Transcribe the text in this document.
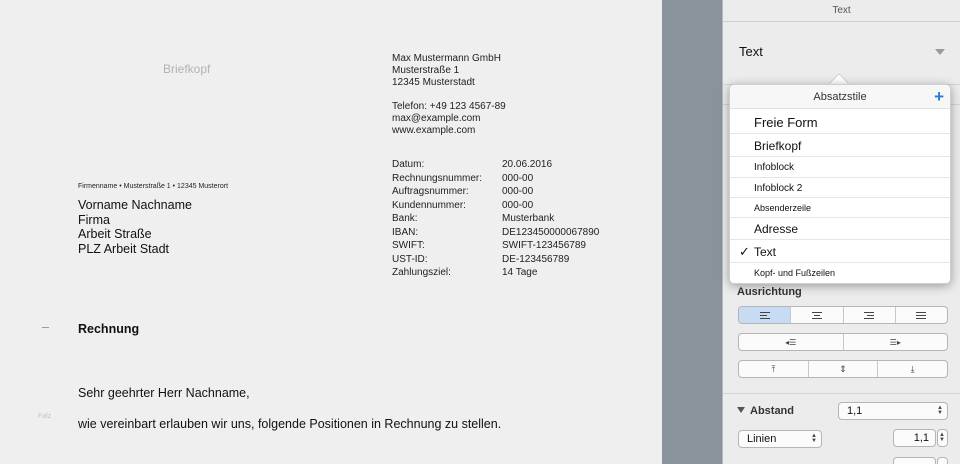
Briefkopf
Max Mustermann GmbH
Musterstraße 1
12345 Musterstadt
Telefon: +49 123 4567-89
max@example.com
www.example.com
Datum:	20.06.2016
Rechnungsnummer: 000-00
Auftragsnummer:	000-00
Kundennummer:	000-00
Bank:	Musterbank
IBAN:	DE123450000067890
SWIFT:	SWIFT-123456789
UST-ID:	DE-123456789
Zahlungsziel:	14 Tage
Firmenname • Musterstraße 1 • 12345 Musterort
Vorname Nachname
Firma
Arbeit Straße
PLZ Arbeit Stadt
Rechnung
Sehr geehrter Herr Nachname,
Falz
wie vereinbart erlauben wir uns, folgende Positionen in Rechnung zu stellen.
Text
Text
Ausrichtung
◂☰	☰▸
⤒	⇕	⤓
Abstand	1,1	▲
▼
Linien	▲
▼	1,1 ▲
▼
Absatzstile	+
Freie Form
Briefkopf
Infoblock
Infoblock 2
Absenderzeile
Adresse
✓ Text
Kopf- und Fußzeilen
